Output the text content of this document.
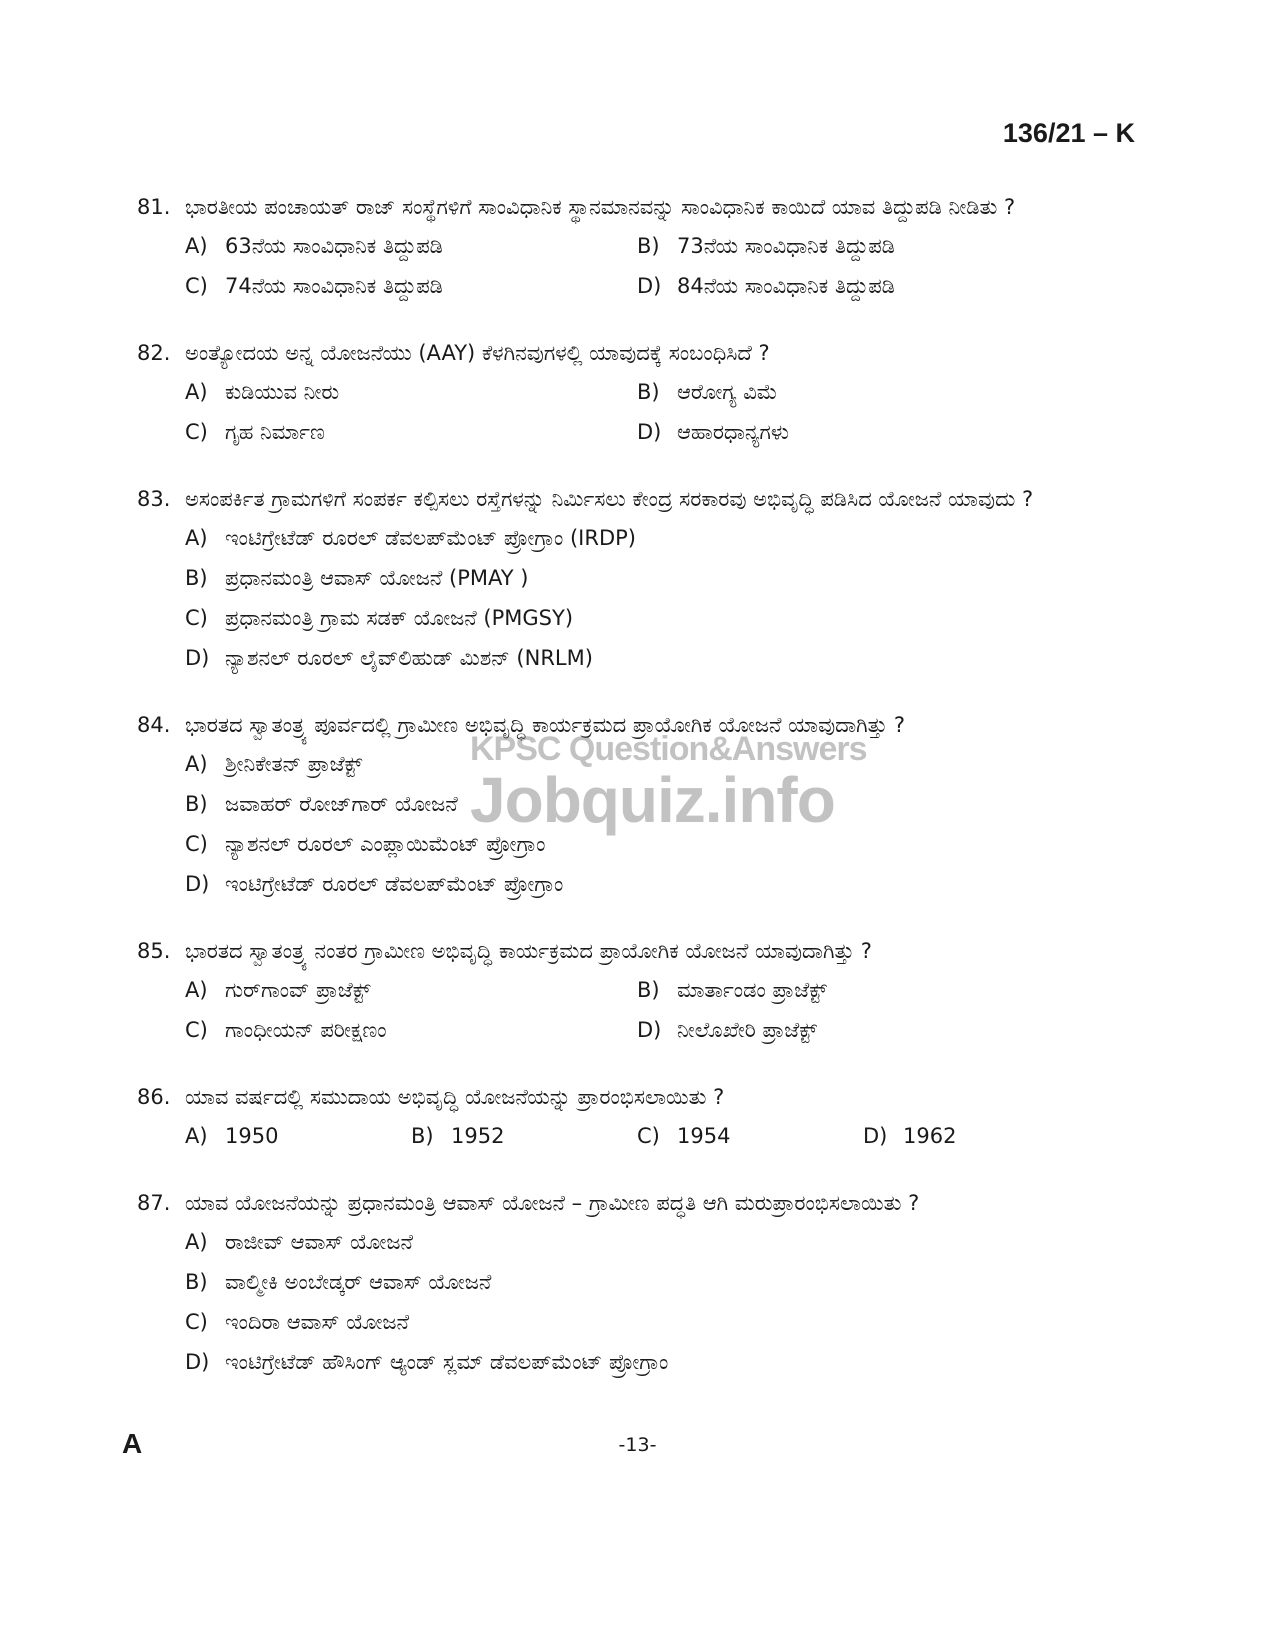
136/21 – K
81. ಭಾರತೀಯ ಪಂಚಾಯತ್ ರಾಜ್ ಸಂಸ್ಥೆಗಳಿಗೆ ಸಾಂವಿಧಾನಿಕ ಸ್ಥಾನಮಾನವನ್ನು ಸಾಂವಿಧಾನಿಕ ಕಾಯಿದೆ ಯಾವ ತಿದ್ದುಪಡಿ ನೀಡಿತು ?
A) 63ನೆಯ ಸಾಂವಿಧಾನಿಕ ತಿದ್ದುಪಡಿ	B) 73ನೆಯ ಸಾಂವಿಧಾನಿಕ ತಿದ್ದುಪಡಿ
C) 74ನೆಯ ಸಾಂವಿಧಾನಿಕ ತಿದ್ದುಪಡಿ	D) 84ನೆಯ ಸಾಂವಿಧಾನಿಕ ತಿದ್ದುಪಡಿ
82. ಅಂತ್ಯೋದಯ ಅನ್ನ ಯೋಜನೆಯು (AAY) ಕೆಳಗಿನವುಗಳಲ್ಲಿ ಯಾವುದಕ್ಕೆ ಸಂಬಂಧಿಸಿದೆ ?
A) ಕುಡಿಯುವ ನೀರು	B) ಆರೋಗ್ಯ ವಿಮೆ
C) ಗೃಹ ನಿರ್ಮಾಣ	D) ಆಹಾರಧಾನ್ಯಗಳು
83. ಅಸಂಪರ್ಕಿತ ಗ್ರಾಮಗಳಿಗೆ ಸಂಪರ್ಕ ಕಲ್ಪಿಸಲು ರಸ್ತೆಗಳನ್ನು ನಿರ್ಮಿಸಲು ಕೇಂದ್ರ ಸರಕಾರವು ಅಭಿವೃದ್ಧಿ ಪಡಿಸಿದ ಯೋಜನೆ ಯಾವುದು ?
A) ಇಂಟಿಗ್ರೇಟೆಡ್ ರೂರಲ್ ಡೆವಲಪ್‌ಮೆಂಟ್ ಪ್ರೋಗ್ರಾಂ (IRDP)
B) ಪ್ರಧಾನಮಂತ್ರಿ ಆವಾಸ್ ಯೋಜನೆ (PMAY )
C) ಪ್ರಧಾನಮಂತ್ರಿ ಗ್ರಾಮ ಸಡಕ್ ಯೋಜನೆ (PMGSY)
D) ನ್ಯಾಶನಲ್ ರೂರಲ್ ಲೈವ್‌ಲಿಹುಡ್ ಮಿಶನ್ (NRLM)
84. ಭಾರತದ ಸ್ವಾತಂತ್ರ್ಯ ಪೂರ್ವದಲ್ಲಿ ಗ್ರಾಮೀಣ ಅಭಿವೃದ್ಧಿ ಕಾರ್ಯಕ್ರಮದ ಪ್ರಾಯೋಗಿಕ ಯೋಜನೆ ಯಾವುದಾಗಿತ್ತು ?
A) ಶ್ರೀನಿಕೇತನ್ ಪ್ರಾಜೆಕ್ಟ್
B) ಜವಾಹರ್ ರೋಜ್‌ಗಾರ್ ಯೋಜನೆ
C) ನ್ಯಾಶನಲ್ ರೂರಲ್ ಎಂಪ್ಲಾಯಿಮೆಂಟ್ ಪ್ರೋಗ್ರಾಂ
D) ಇಂಟಿಗ್ರೇಟೆಡ್ ರೂರಲ್ ಡೆವಲಪ್‌ಮೆಂಟ್ ಪ್ರೋಗ್ರಾಂ
85. ಭಾರತದ ಸ್ವಾತಂತ್ರ್ಯ ನಂತರ ಗ್ರಾಮೀಣ ಅಭಿವೃದ್ಧಿ ಕಾರ್ಯಕ್ರಮದ ಪ್ರಾಯೋಗಿಕ ಯೋಜನೆ ಯಾವುದಾಗಿತ್ತು ?
A) ಗುರ್‌ಗಾಂವ್ ಪ್ರಾಜೆಕ್ಟ್	B) ಮಾರ್ತಾಂಡಂ ಪ್ರಾಜೆಕ್ಟ್
C) ಗಾಂಧೀಯನ್ ಪರೀಕ್ಷಣಂ	D) ನೀಲೊಖೇರಿ ಪ್ರಾಜೆಕ್ಟ್
86. ಯಾವ ವರ್ಷದಲ್ಲಿ ಸಮುದಾಯ ಅಭಿವೃದ್ಧಿ ಯೋಜನೆಯನ್ನು ಪ್ರಾರಂಭಿಸಲಾಯಿತು ?
A) 1950	B) 1952	C) 1954	D) 1962
87. ಯಾವ ಯೋಜನೆಯನ್ನು ಪ್ರಧಾನಮಂತ್ರಿ ಆವಾಸ್ ಯೋಜನೆ – ಗ್ರಾಮೀಣ ಪದ್ಧತಿ ಆಗಿ ಮರುಪ್ರಾರಂಭಿಸಲಾಯಿತು ?
A) ರಾಜೀವ್ ಆವಾಸ್ ಯೋಜನೆ
B) ವಾಲ್ಮೀಕಿ ಅಂಬೇಡ್ಕರ್ ಆವಾಸ್ ಯೋಜನೆ
C) ಇಂದಿರಾ ಆವಾಸ್ ಯೋಜನೆ
D) ಇಂಟಿಗ್ರೇಟೆಡ್ ಹೌಸಿಂಗ್ ಆ್ಯಂಡ್ ಸ್ಲಮ್ ಡೆವಲಪ್‌ಮೆಂಟ್ ಪ್ರೋಗ್ರಾಂ
KPSC Question&Answers
Jobquiz.info
A	-13-
